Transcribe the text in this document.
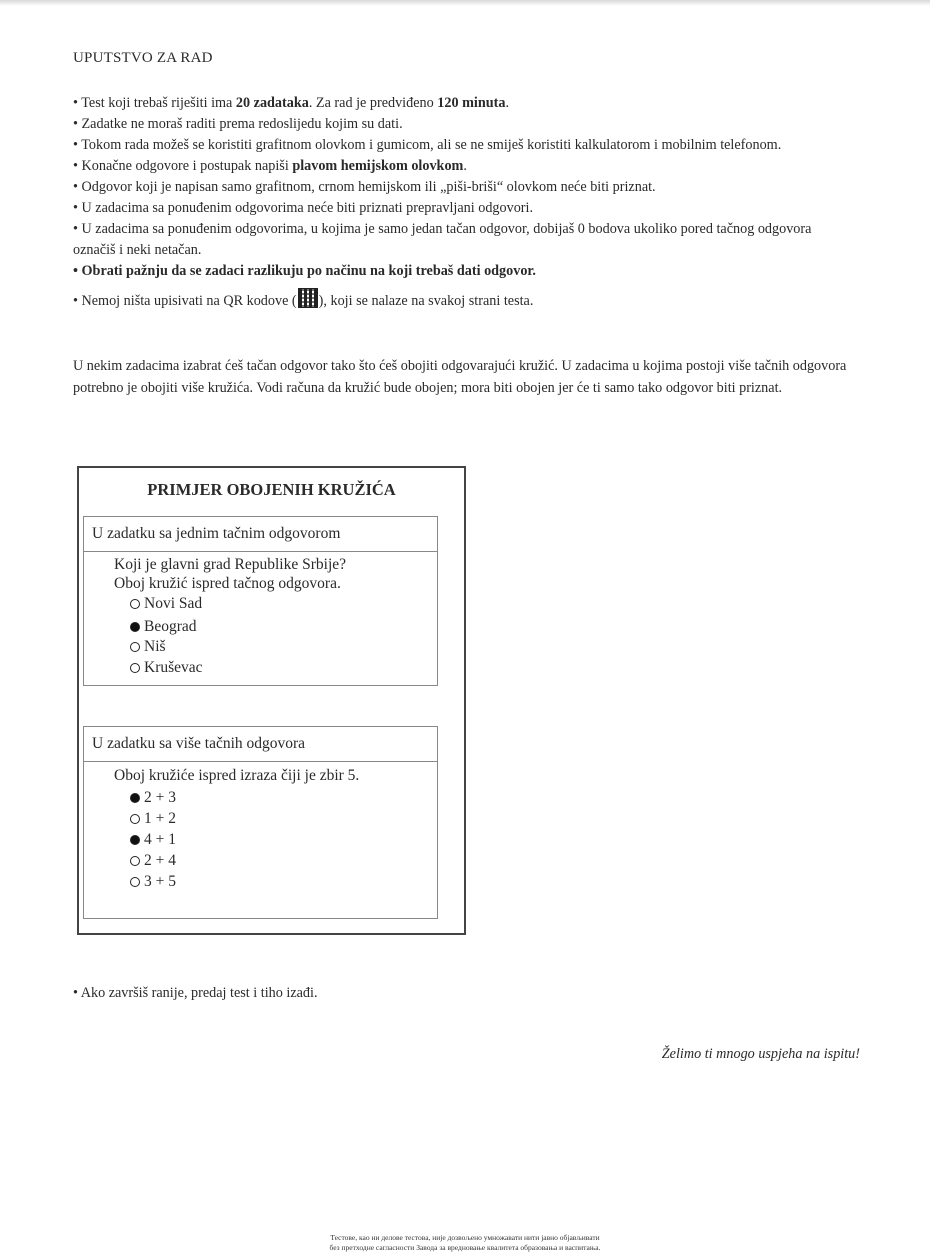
UPUTSTVO ZA RAD

• Test koji trebaš riješiti ima 20 zadataka. Za rad je predviđeno 120 minuta.

• Zadatke ne moraš raditi prema redoslijedu kojim su dati.

• Tokom rada možeš se koristiti grafitnom olovkom i gumicom, ali se ne smiješ koristiti kalkulatorom i mobilnim telefonom.

• Konačne odgovore i postupak napiši plavom hemijskom olovkom.

• Odgovor koji je napisan samo grafitnom, crnom hemijskom ili „piši-briši“ olovkom neće biti priznat.

• U zadacima sa ponuđenim odgovorima neće biti priznati prepravljani odgovori.

• U zadacima sa ponuđenim odgovorima, u kojima je samo jedan tačan odgovor, dobijaš 0 bodova ukoliko pored tačnog odgovora označiš i neki netačan.

• Obrati pažnju da se zadaci razlikuju po načinu na koji trebaš dati odgovor.

• Nemoj ništa upisivati na QR kodove ( ), koji se nalaze na svakoj strani testa.

U nekim zadacima izabrat ćeš tačan odgovor tako što ćeš obojiti odgovarajući kružić. U zadacima u kojima postoji više tačnih odgovora potrebno je obojiti više kružića. Vodi računa da kružić bude obojen; mora biti obojen jer će ti samo tako odgovor biti priznat.

PRIMJER OBOJENIH KRUŽIĆA
U zadatku sa jednim tačnim odgovorom
Koji je glavni grad Republike Srbije?
Oboj kružić ispred tačnog odgovora.
Novi Sad
Beograd
Niš
Kruševac
U zadatku sa više tačnih odgovora
Oboj kružiće ispred izraza čiji je zbir 5.
2 + 3
1 + 2
4 + 1
2 + 4
3 + 5

• Ako završiš ranije, predaj test i tiho izađi.

Želimo ti mnogo uspjeha na ispitu!

Тестове, као ни делове тестова, није дозвољено умножавати нити јавно објављивати

без претходне сагласности Завода за вредновање квалитета образовања и васпитања.
